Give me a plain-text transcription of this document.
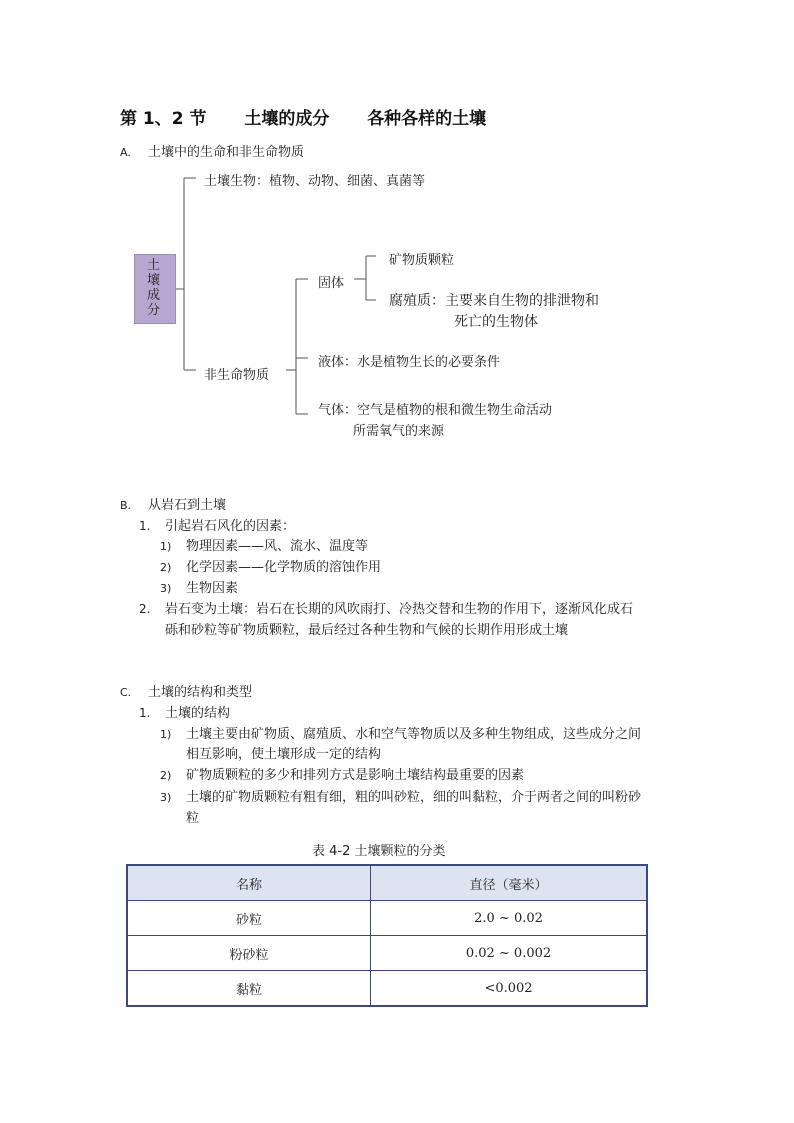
第 1、2 节 土壤的成分 各种各样的土壤
A. 土壤中的生命和非生命物质
土壤成分
土壤生物：植物、动物、细菌、真菌等
非生命物质
固体
矿物质颗粒
腐殖质：主要来自生物的排泄物和
死亡的生物体
液体：水是植物生长的必要条件
气体：空气是植物的根和微生物生命活动
所需氧气的来源
B. 从岩石到土壤
1. 引起岩石风化的因素：
1) 物理因素——风、流水、温度等
2) 化学因素——化学物质的溶蚀作用
3) 生物因素
2. 岩石变为土壤：岩石在长期的风吹雨打、冷热交替和生物的作用下，逐渐风化成石
砾和砂粒等矿物质颗粒，最后经过各种生物和气候的长期作用形成土壤
C. 土壤的结构和类型
1. 土壤的结构
1) 土壤主要由矿物质、腐殖质、水和空气等物质以及多种生物组成，这些成分之间
相互影响，使土壤形成一定的结构
2) 矿物质颗粒的多少和排列方式是影响土壤结构最重要的因素
3) 土壤的矿物质颗粒有粗有细，粗的叫砂粒，细的叫黏粒，介于两者之间的叫粉砂
粒
表 4-2 土壤颗粒的分类
名称	直径（毫米）
砂粒	2.0 ~ 0.02
粉砂粒	0.02 ~ 0.002
黏粒	<0.002
